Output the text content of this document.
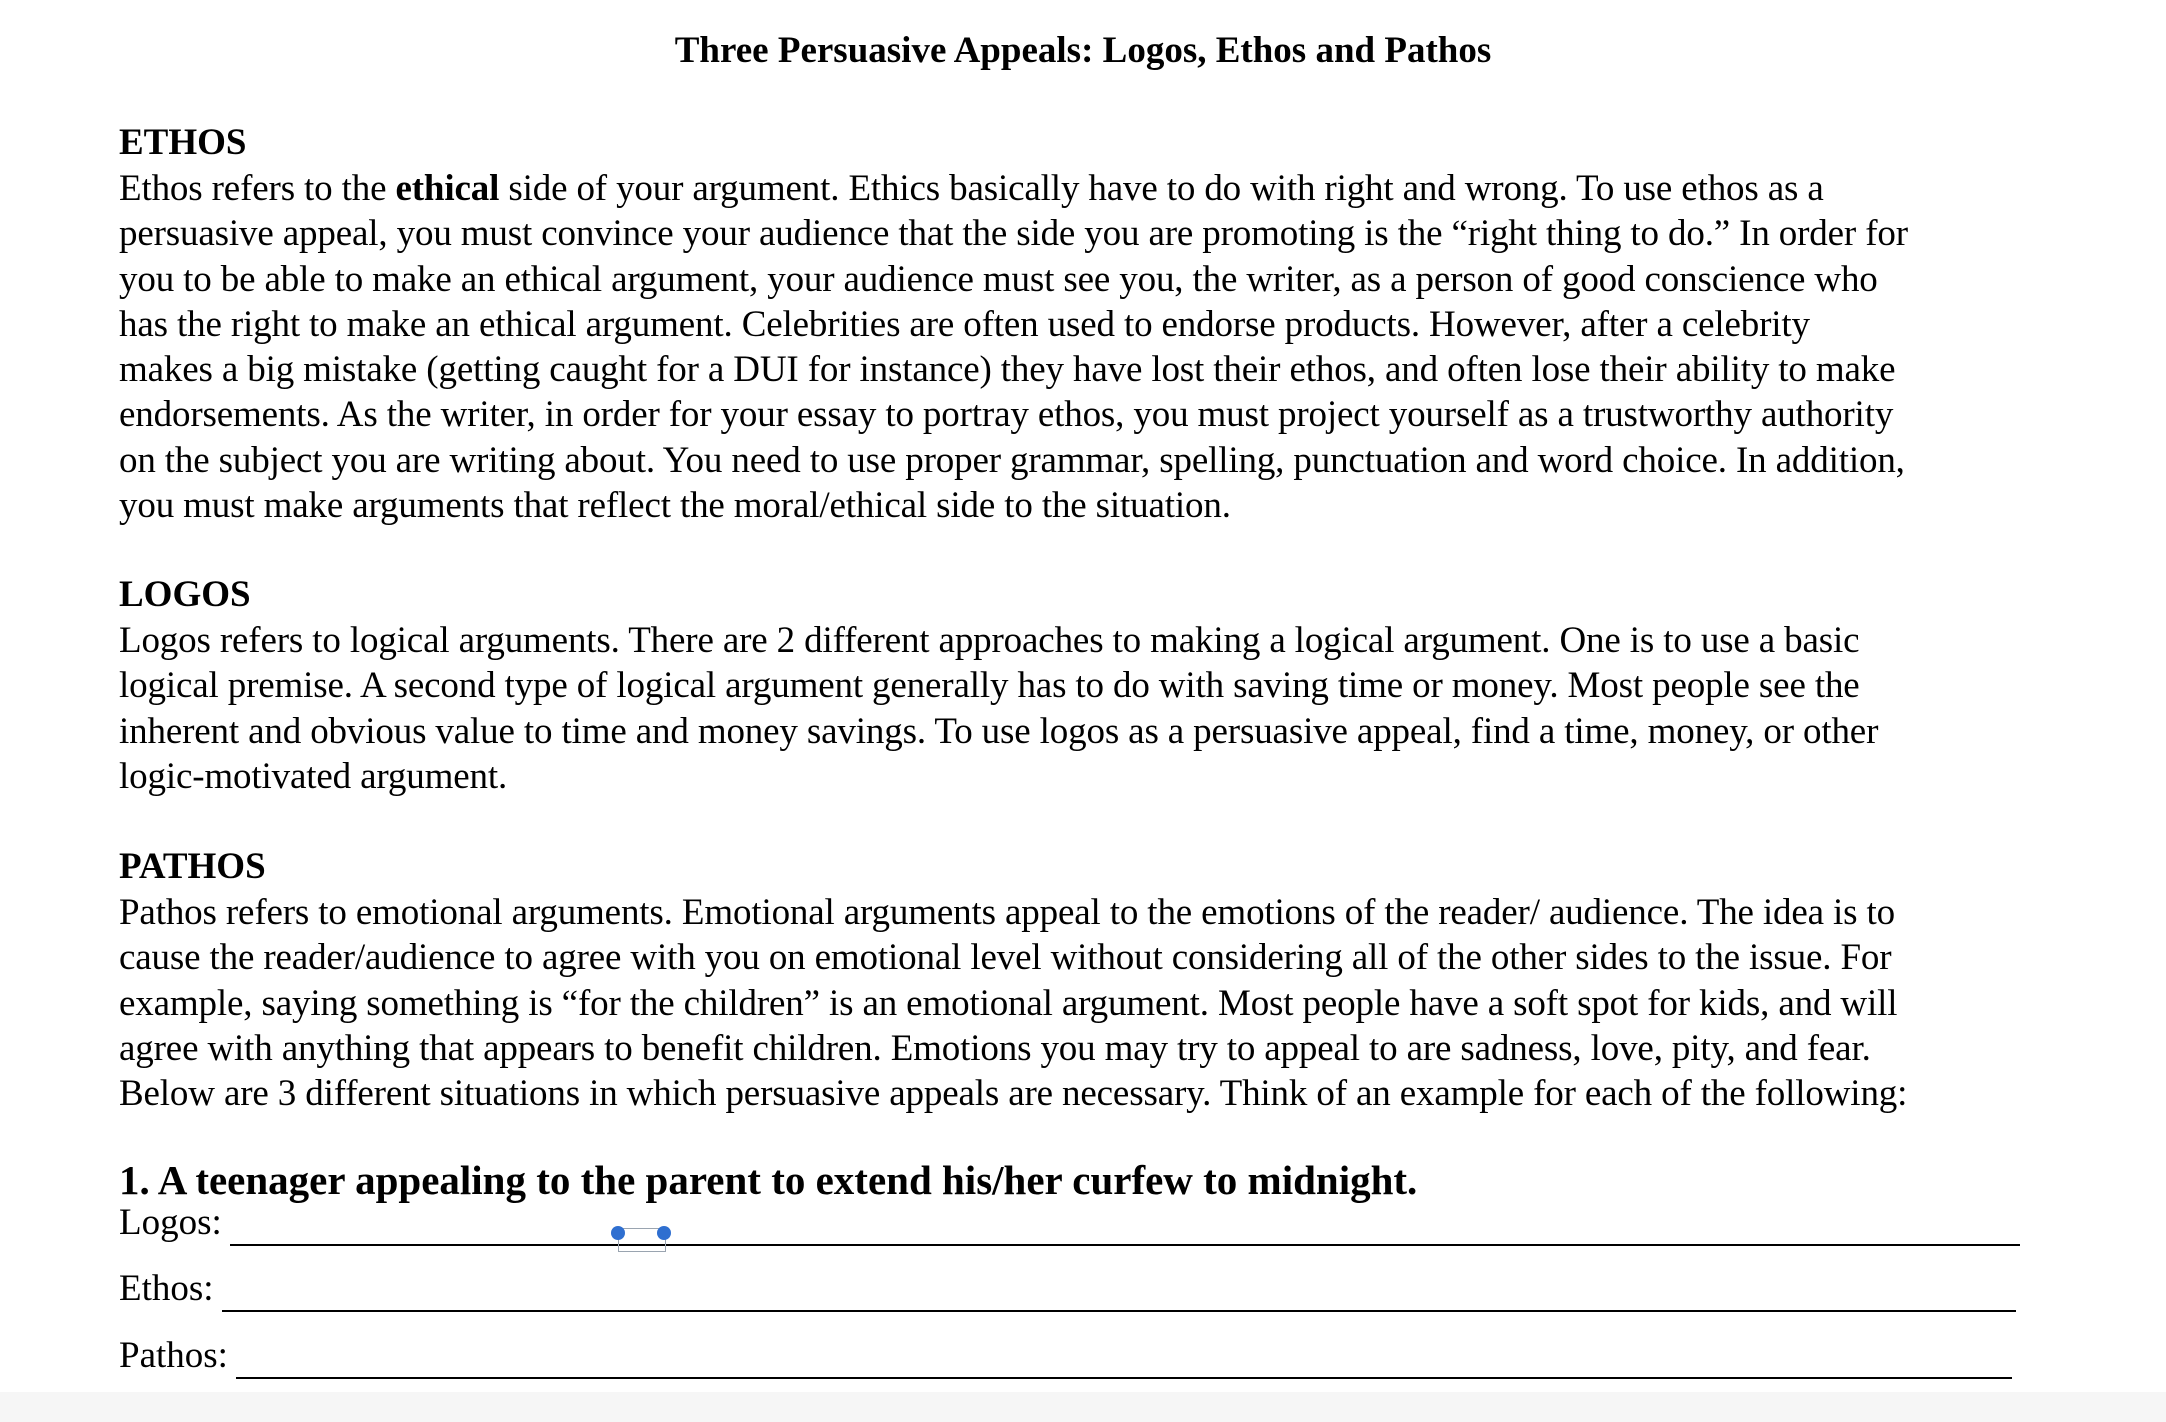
Three Persuasive Appeals: Logos, Ethos and Pathos
ETHOS
Ethos refers to the ethical side of your argument. Ethics basically have to do with right and wrong. To use ethos as a
persuasive appeal, you must convince your audience that the side you are promoting is the “right thing to do.” In order for
you to be able to make an ethical argument, your audience must see you, the writer, as a person of good conscience who
has the right to make an ethical argument. Celebrities are often used to endorse products. However, after a celebrity
makes a big mistake (getting caught for a DUI for instance) they have lost their ethos, and often lose their ability to make
endorsements. As the writer, in order for your essay to portray ethos, you must project yourself as a trustworthy authority
on the subject you are writing about. You need to use proper grammar, spelling, punctuation and word choice. In addition,
you must make arguments that reflect the moral/ethical side to the situation.
LOGOS
Logos refers to logical arguments. There are 2 different approaches to making a logical argument. One is to use a basic
logical premise. A second type of logical argument generally has to do with saving time or money. Most people see the
inherent and obvious value to time and money savings. To use logos as a persuasive appeal, find a time, money, or other
logic-motivated argument.
PATHOS
Pathos refers to emotional arguments. Emotional arguments appeal to the emotions of the reader/ audience. The idea is to
cause the reader/audience to agree with you on emotional level without considering all of the other sides to the issue. For
example, saying something is “for the children” is an emotional argument. Most people have a soft spot for kids, and will
agree with anything that appears to benefit children. Emotions you may try to appeal to are sadness, love, pity, and fear.
Below are 3 different situations in which persuasive appeals are necessary. Think of an example for each of the following:
1. A teenager appealing to the parent to extend his/her curfew to midnight.
Logos:
Ethos:
Pathos:
